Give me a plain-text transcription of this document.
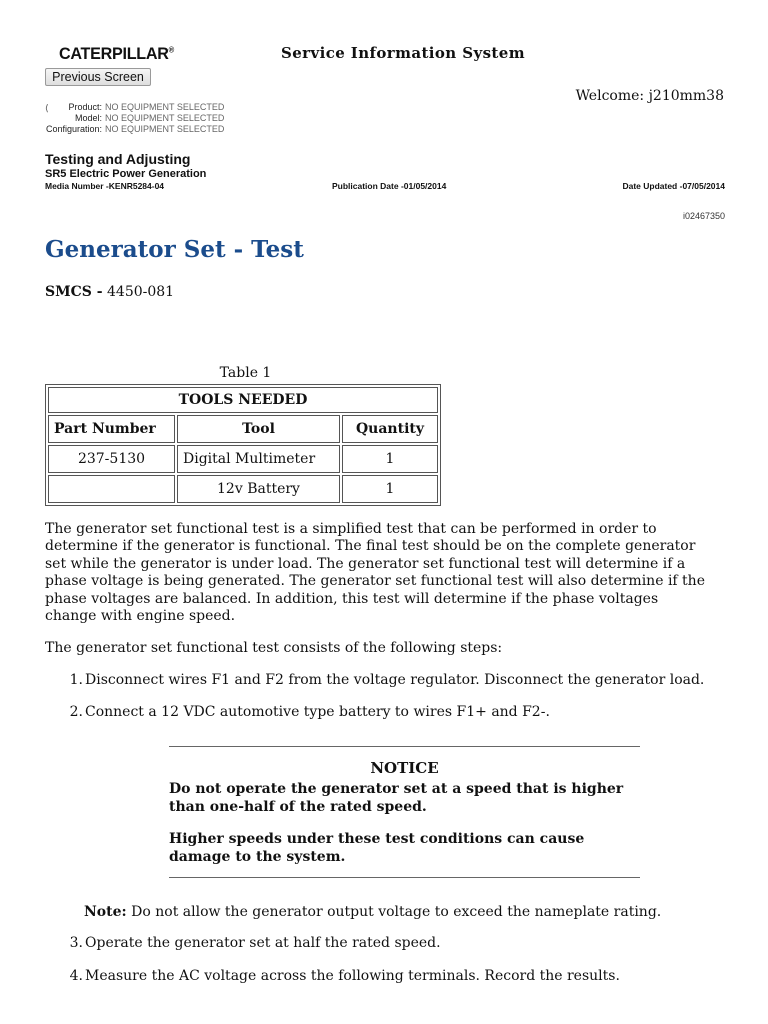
CATERPILLAR®	Service Information System
Previous Screen
Welcome: j210mm38
⟨	Product: NO EQUIPMENT SELECTED
Model: NO EQUIPMENT SELECTED
Configuration: NO EQUIPMENT SELECTED
Testing and Adjusting
SR5 Electric Power Generation
Media Number -KENR5284-04	Publication Date -01/05/2014	Date Updated -07/05/2014
i02467350
Generator Set - Test
SMCS - 4450-081
Table 1
TOOLS NEEDED		
Part Number	Tool	Quantity
237-5130	Digital Multimeter	1
	12v Battery	1
The generator set functional test is a simplified test that can be performed in order to
determine if the generator is functional. The final test should be on the complete generator
set while the generator is under load. The generator set functional test will determine if a
phase voltage is being generated. The generator set functional test will also determine if the
phase voltages are balanced. In addition, this test will determine if the phase voltages
change with engine speed.
The generator set functional test consists of the following steps:
1. Disconnect wires F1 and F2 from the voltage regulator. Disconnect the generator load.
2. Connect a 12 VDC automotive type battery to wires F1+ and F2-.
NOTICE
Do not operate the generator set at a speed that is higher
than one-half of the rated speed.
Higher speeds under these test conditions can cause
damage to the system.
Note: Do not allow the generator output voltage to exceed the nameplate rating.
3. Operate the generator set at half the rated speed.
4. Measure the AC voltage across the following terminals. Record the results.
